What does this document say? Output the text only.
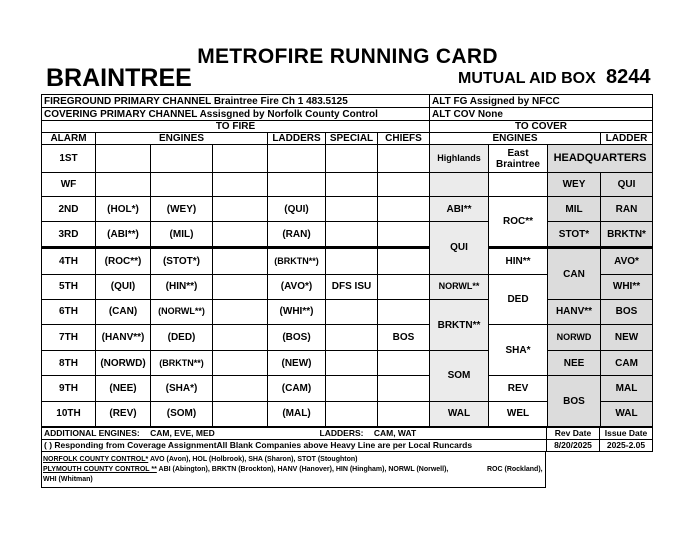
METROFIRE RUNNING CARD
BRAINTREE	MUTUAL AID BOX 8244
FIREGROUND PRIMARY CHANNEL Braintree Fire Ch 1 483.5125							ALT FG Assigned by NFCC			
COVERING PRIMARY CHANNEL Assisgned by Norfolk County Control							ALT COV None			
TO FIRE							TO COVER			
ALARM	ENGINES			LADDERS	SPECIAL	CHIEFS	ENGINES			LADDER
1ST							Highlands	East Braintree	HEADQUARTERS	
WF									WEY	QUI
2ND	(HOL*)	(WEY)		(QUI)			ABI**	ROC**	MIL	RAN
3RD	(ABI**)	(MIL)		(RAN)			QUI		STOT*	BRKTN*
4TH	(ROC**)	(STOT*)		(BRKTN**)				HIN**	CAN	AVO*
5TH	(QUI)	(HIN**)		(AVO*)	DFS ISU		NORWL**	DED		WHI**
6TH	(CAN)	(NORWL**)		(WHI**)			BRKTN**		HANV**	BOS
7TH	(HANV**)	(DED)		(BOS)		BOS		SHA*	NORWD	NEW
8TH	(NORWD)	(BRKTN**)		(NEW)			SOM		NEE	CAM
9TH	(NEE)	(SHA*)		(CAM)				REV	BOS	MAL
10TH	(REV)	(SOM)		(MAL)			WAL	WEL		WAL
ADDITIONAL ENGINES: CAM, EVE, MED LADDERS: CAM, WAT	Rev Date	Issue Date
( ) Responding from Coverage AssignmentAll Blank Companies above Heavy Line are per Local Runcards	8/20/2025	2025-2.05
NORFOLK COUNTY CONTROL* AVO (Avon), HOL (Holbrook), SHA (Sharon), STOT (Stoughton)
PLYMOUTH COUNTY CONTROL ** ABI (Abington), BRKTN (Brockton), HANV (Hanover), HIN (Hingham), NORWL (Norwell),	ROC (Rockland),
WHI (Whitman)
